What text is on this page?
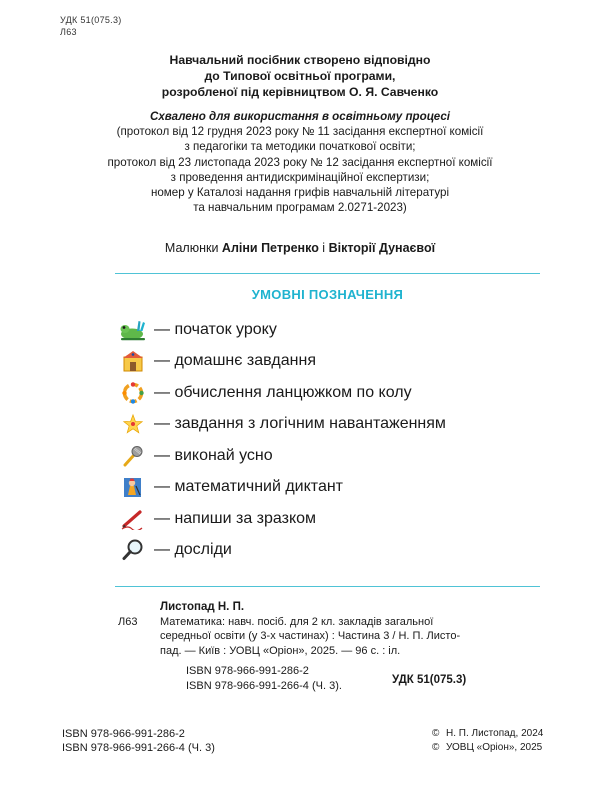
УДК 51(075.3)
Л63
Навчальний посібник створено відповідно
до Типової освітньої програми,
розробленої під керівництвом О. Я. Савченко
Схвалено для використання в освітньому процесі
(протокол від 12 грудня 2023 року № 11 засідання експертної комісії
з педагогіки та методики початкової освіти;
протокол від 23 листопада 2023 року № 12 засідання експертної комісії
з проведення антидискримінаційної експертизи;
номер у Каталозі надання грифів навчальній літературі
та навчальним програмам 2.0271-2023)
Малюнки Аліни Петренко і Вікторії Дунаєвої
УМОВНІ ПОЗНАЧЕННЯ
— початок уроку
— домашнє завдання
— обчислення ланцюжком по колу
— завдання з логічним навантаженням
— виконай усно
— математичний диктант
— напиши за зразком
— досліди
Листопад Н. П.
Л63	Математика: навч. посіб. для 2 кл. закладів загальної
середньої освіти (у 3-х частинах) : Частина 3 / Н. П. Листо-
пад. — Київ : УОВЦ «Оріон», 2025. — 96 с. : іл.
ISBN 978-966-991-286-2
ISBN 978-966-991-266-4 (Ч. 3).	УДК 51(075.3)
ISBN 978-966-991-286-2
ISBN 978-966-991-266-4 (Ч. 3)
© Н. П. Листопад, 2024
© УОВЦ «Оріон», 2025
